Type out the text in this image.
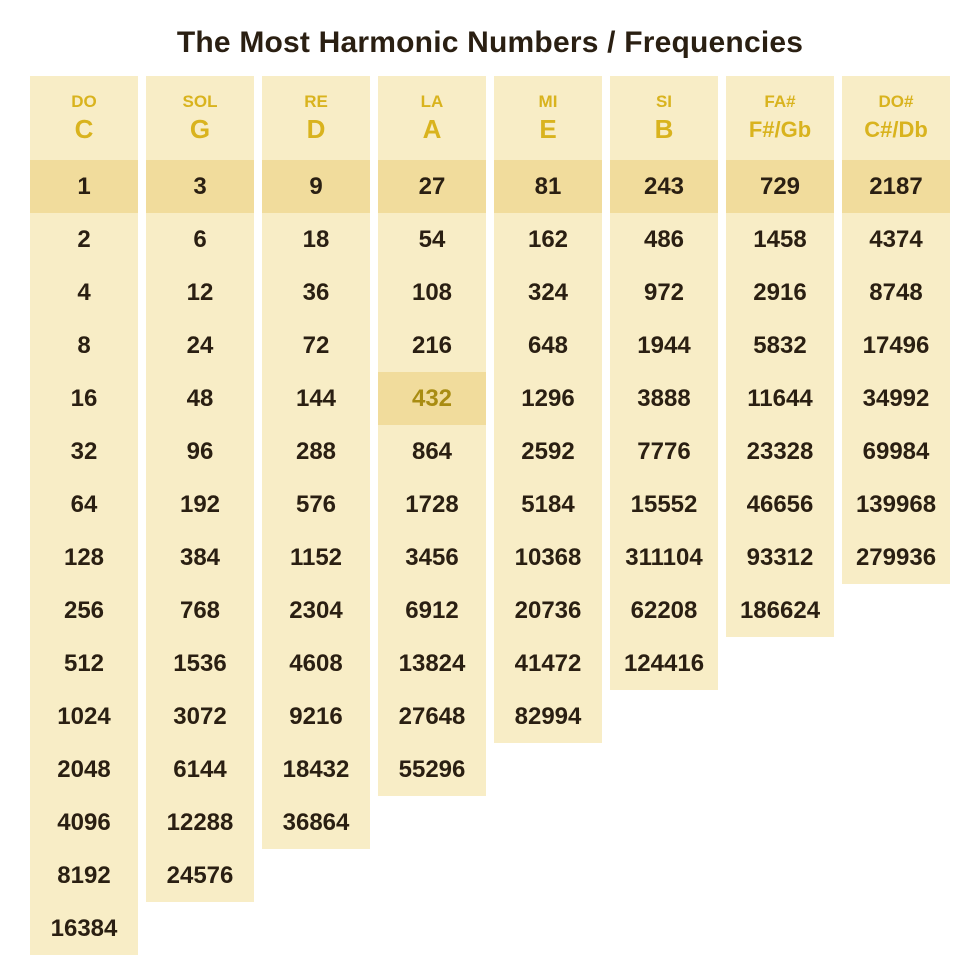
The Most Harmonic Numbers / Frequencies
DO
C
1
2
4
8
16
32
64
128
256
512
1024
2048
4096
8192
16384
SOL
G
3
6
12
24
48
96
192
384
768
1536
3072
6144
12288
24576
RE
D
9
18
36
72
144
288
576
1152
2304
4608
9216
18432
36864
LA
A
27
54
108
216
432
864
1728
3456
6912
13824
27648
55296
MI
E
81
162
324
648
1296
2592
5184
10368
20736
41472
82994
SI
B
243
486
972
1944
3888
7776
15552
311104
62208
124416
FA#
F#/Gb
729
1458
2916
5832
11644
23328
46656
93312
186624
DO#
C#/Db
2187
4374
8748
17496
34992
69984
139968
279936
